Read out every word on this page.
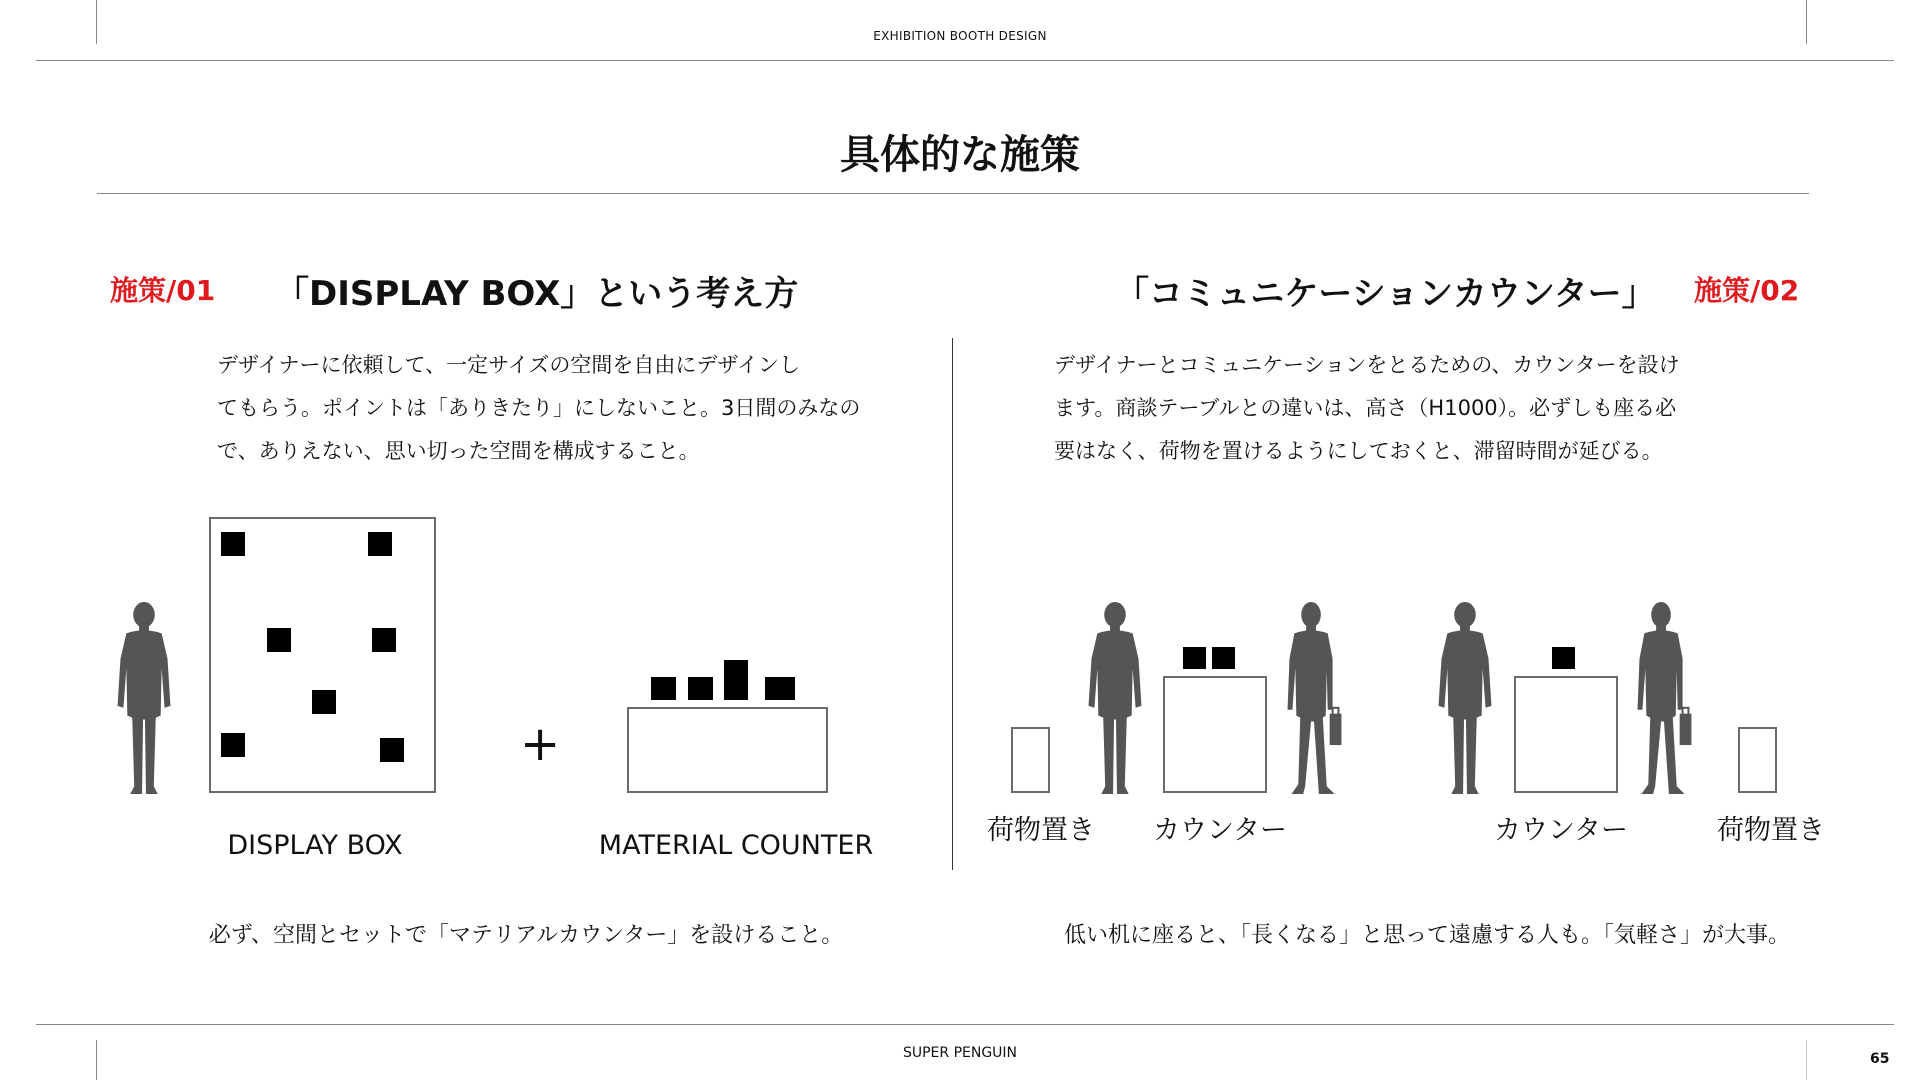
EXHIBITION BOOTH DESIGN
具体的な施策
施策/01 「DISPLAY BOX」という考え方
デザイナーに依頼して、一定サイズの空間を自由にデザインし
てもらう。ポイントは「ありきたり」にしないこと。3日間のみなの
で、ありえない、思い切った空間を構成すること。
+
DISPLAY BOX	MATERIAL COUNTER
必ず、空間とセットで「マテリアルカウンター」を設けること。
「コミュニケーションカウンター」 施策/02
デザイナーとコミュニケーションをとるための、カウンターを設け
ます。商談テーブルとの違いは、高さ（H1000）。必ずしも座る必
要はなく、荷物を置けるようにしておくと、滞留時間が延びる。
荷物置き	カウンター	カウンター	荷物置き
低い机に座ると、「長くなる」と思って遠慮する人も。「気軽さ」が大事。
SUPER PENGUIN	65
